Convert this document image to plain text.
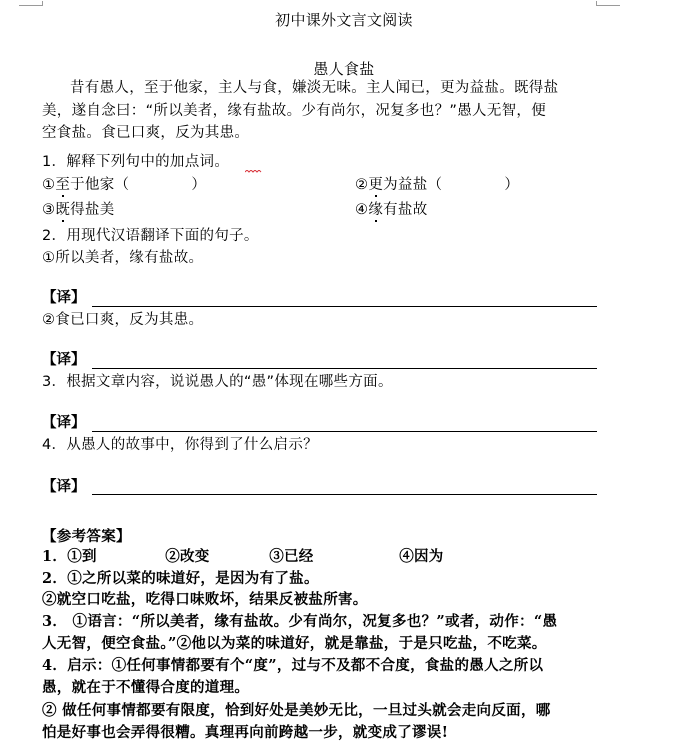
初中课外文言文阅读
愚人食盐
昔有愚人，至于他家，主人与食，嫌淡无味。主人闻已，更为益盐。既得盐
美，遂自念曰：“所以美者，缘有盐故。少有尚尔，况复多也？”愚人无智，便
空食盐。食已口爽，反为其患。
1．解释下列句中的加点词。
①至于他家（	）	②更为益盐（	）
③既得盐美	④缘有盐故
2．用现代汉语翻译下面的句子。
①所以美者，缘有盐故。
【译】
②食已口爽，反为其患。
【译】
3．根据文章内容，说说愚人的“愚”体现在哪些方面。
【译】
4．从愚人的故事中，你得到了什么启示？
【译】
【参考答案】
1．①到	②改变	③已经	④因为
2．①之所以菜的味道好，是因为有了盐。
②就空口吃盐，吃得口味败坏，结果反被盐所害。
3． ①语言：“所以美者，缘有盐故。少有尚尔，况复多也？”或者，动作：“愚
人无智，便空食盐。”②他以为菜的味道好，就是靠盐，于是只吃盐，不吃菜。
4．启示：①任何事情都要有个“度”，过与不及都不合度，食盐的愚人之所以
愚，就在于不懂得合度的道理。
② 做任何事情都要有限度，恰到好处是美妙无比，一旦过头就会走向反面，哪
怕是好事也会弄得很糟。真理再向前跨越一步，就变成了谬误!
